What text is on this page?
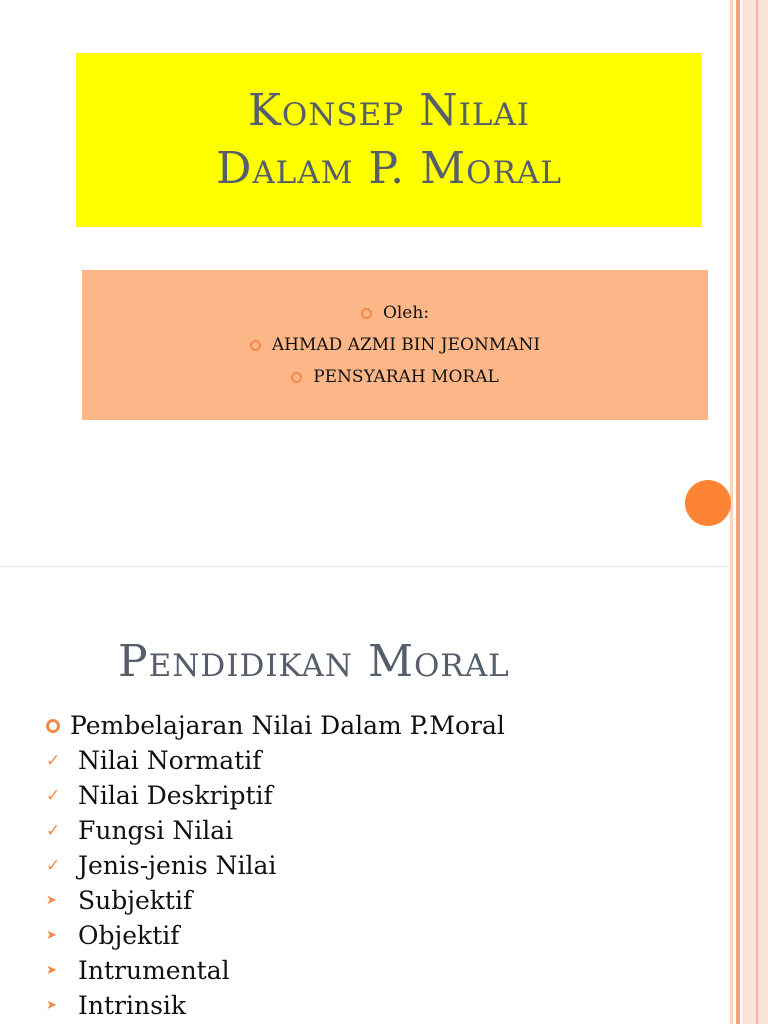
Konsep Nilai
Dalam P. Moral
Oleh:
AHMAD AZMI BIN JEONMANI
PENSYARAH MORAL
Pendidikan Moral
Pembelajaran Nilai Dalam P.Moral
✓ Nilai Normatif
✓ Nilai Deskriptif
✓ Fungsi Nilai
✓ Jenis-jenis Nilai
➤ Subjektif
➤ Objektif
➤ Intrumental
➤ Intrinsik
